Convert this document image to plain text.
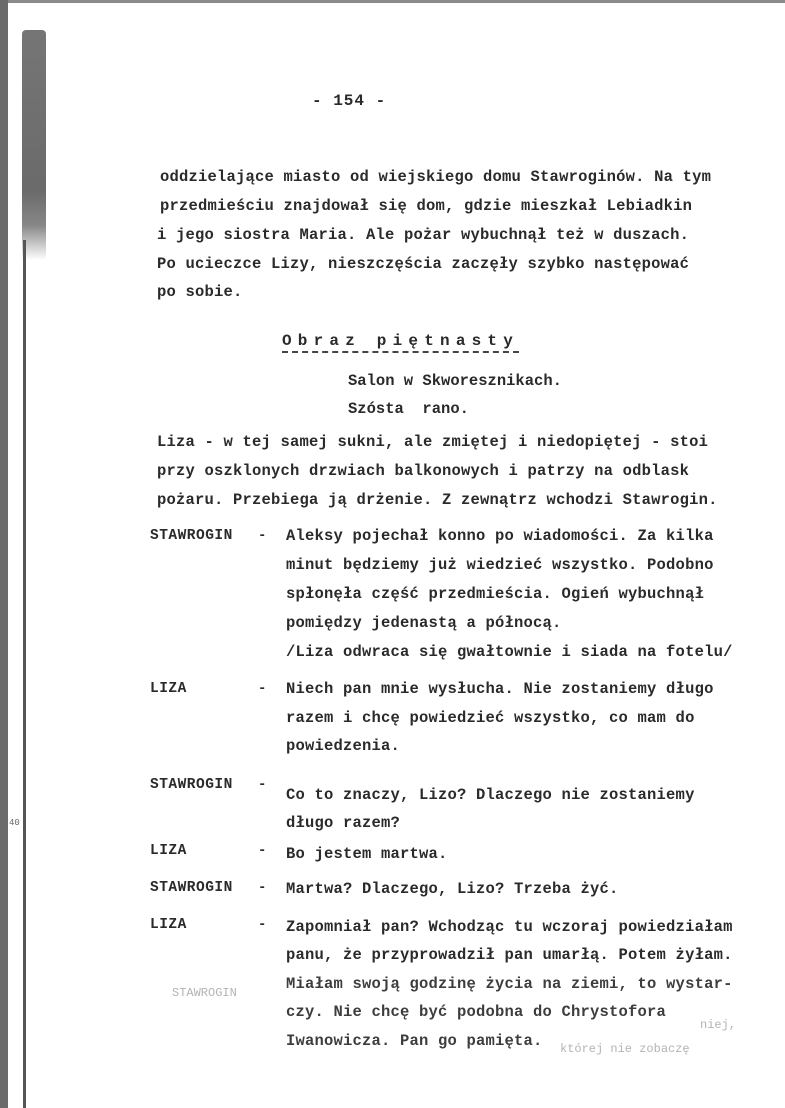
40
- 154 -
oddzielające miasto od wiejskiego domu Stawroginów. Na tym
przedmieściu znajdował się dom, gdzie mieszkał Lebiadkin
i jego siostra Maria. Ale pożar wybuchnął też w duszach.
Po ucieczce Lizy, nieszczęścia zaczęły szybko następować
po sobie.
Obraz piętnasty
Salon w Skworesznikach.
Szósta  rano.
Liza - w tej samej sukni, ale zmiętej i niedopiętej - stoi
przy oszklonych drzwiach balkonowych i patrzy na odblask
pożaru. Przebiega ją drżenie. Z zewnątrz wchodzi Stawrogin.
STAWROGIN - Aleksy pojechał konno po wiadomości. Za kilka
minut będziemy już wiedzieć wszystko. Podobno
spłonęła część przedmieścia. Ogień wybuchnął
pomiędzy jedenastą a północą.
/Liza odwraca się gwałtownie i siada na fotelu/
LIZA	- Niech pan mnie wysłucha. Nie zostaniemy długo
razem i chcę powiedzieć wszystko, co mam do
powiedzenia.
STAWROGIN -
Co to znaczy, Lizo? Dlaczego nie zostaniemy
długo razem?
LIZA	- Bo jestem martwa.
STAWROGIN - Martwa? Dlaczego, Lizo? Trzeba żyć.
LIZA	- Zapomniał pan? Wchodząc tu wczoraj powiedziałam
panu, że przyprowadził pan umarłą. Potem żyłam.
Miałam swoją godzinę życia na ziemi, to wystar-
czy. Nie chcę być podobna do Chrystofora
Iwanowicza. Pan go pamięta.
STAWROGIN
niej,
której nie zobaczę
